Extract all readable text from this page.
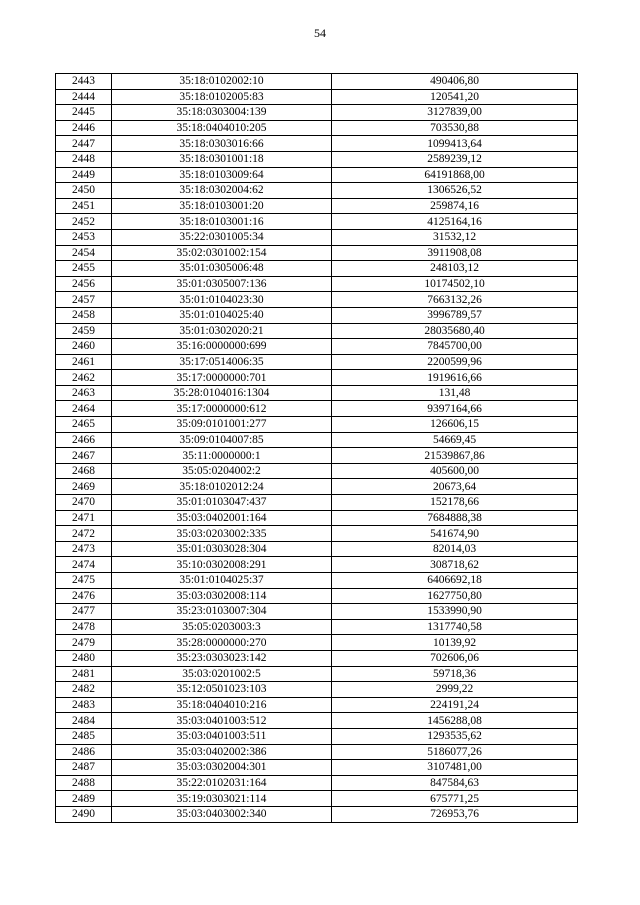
54
2443	35:18:0102002:10	490406,80
2444	35:18:0102005:83	120541,20
2445	35:18:0303004:139	3127839,00
2446	35:18:0404010:205	703530,88
2447	35:18:0303016:66	1099413,64
2448	35:18:0301001:18	2589239,12
2449	35:18:0103009:64	64191868,00
2450	35:18:0302004:62	1306526,52
2451	35:18:0103001:20	259874,16
2452	35:18:0103001:16	4125164,16
2453	35:22:0301005:34	31532,12
2454	35:02:0301002:154	3911908,08
2455	35:01:0305006:48	248103,12
2456	35:01:0305007:136	10174502,10
2457	35:01:0104023:30	7663132,26
2458	35:01:0104025:40	3996789,57
2459	35:01:0302020:21	28035680,40
2460	35:16:0000000:699	7845700,00
2461	35:17:0514006:35	2200599,96
2462	35:17:0000000:701	1919616,66
2463	35:28:0104016:1304	131,48
2464	35:17:0000000:612	9397164,66
2465	35:09:0101001:277	126606,15
2466	35:09:0104007:85	54669,45
2467	35:11:0000000:1	21539867,86
2468	35:05:0204002:2	405600,00
2469	35:18:0102012:24	20673,64
2470	35:01:0103047:437	152178,66
2471	35:03:0402001:164	7684888,38
2472	35:03:0203002:335	541674,90
2473	35:01:0303028:304	82014,03
2474	35:10:0302008:291	308718,62
2475	35:01:0104025:37	6406692,18
2476	35:03:0302008:114	1627750,80
2477	35:23:0103007:304	1533990,90
2478	35:05:0203003:3	1317740,58
2479	35:28:0000000:270	10139,92
2480	35:23:0303023:142	702606,06
2481	35:03:0201002:5	59718,36
2482	35:12:0501023:103	2999,22
2483	35:18:0404010:216	224191,24
2484	35:03:0401003:512	1456288,08
2485	35:03:0401003:511	1293535,62
2486	35:03:0402002:386	5186077,26
2487	35:03:0302004:301	3107481,00
2488	35:22:0102031:164	847584,63
2489	35:19:0303021:114	675771,25
2490	35:03:0403002:340	726953,76
